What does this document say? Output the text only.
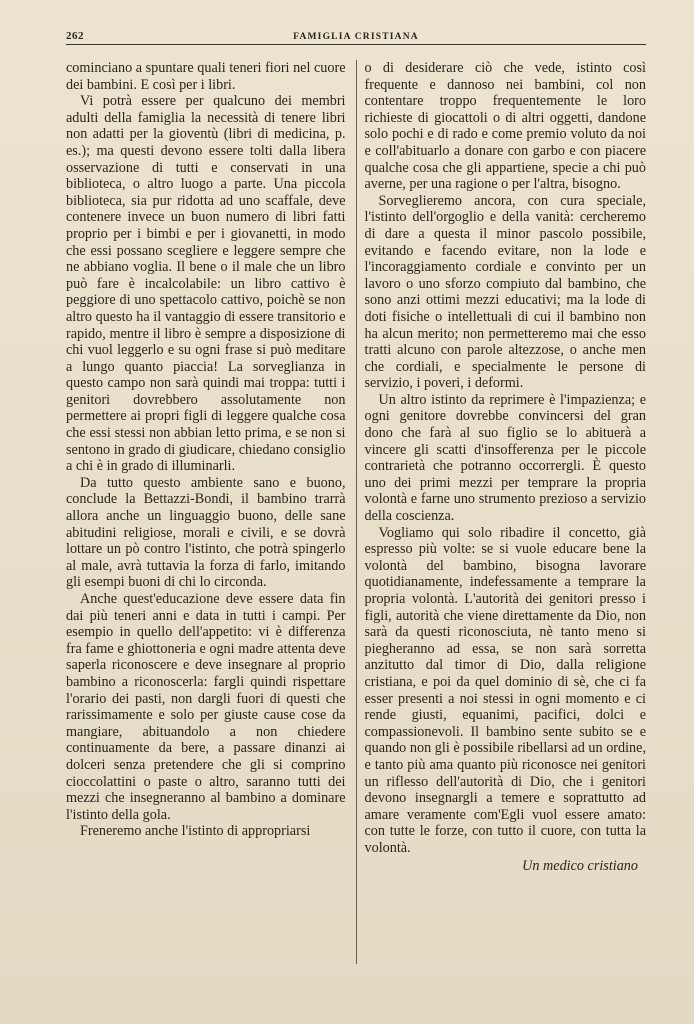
262	FAMIGLIA CRISTIANA

cominciano a spuntare quali teneri fiori nel cuore dei bambini. E così per i libri.

Vi potrà essere per qualcuno dei membri adulti della famiglia la necessità di tenere libri non adatti per la gioventù (libri di medicina, p. es.); ma questi devono essere tolti dalla libera osservazione di tutti e conservati in una biblioteca, o altro luogo a parte. Una piccola biblioteca, sia pur ridotta ad uno scaffale, deve contenere invece un buon numero di libri fatti proprio per i bimbi e per i giovanetti, in modo che essi possano scegliere e leggere sempre che ne abbiano voglia. Il bene o il male che un libro può fare è incalcolabile: un libro cattivo è peggiore di uno spettacolo cattivo, poichè se non altro questo ha il vantaggio di essere transitorio e rapido, mentre il libro è sempre a disposizione di chi vuol leggerlo e su ogni frase si può meditare a lungo quanto piaccia! La sorveglianza in questo campo non sarà quindi mai troppa: tutti i genitori dovrebbero assolutamente non permettere ai propri figli di leggere qualche cosa che essi stessi non abbian letto prima, e se non si sentono in grado di giudicare, chiedano consiglio a chi è in grado di illuminarli.

Da tutto questo ambiente sano e buono, conclude la Bettazzi-Bondi, il bambino trarrà allora anche un linguaggio buono, delle sane abitudini religiose, morali e civili, e se dovrà lottare un pò contro l'istinto, che potrà spingerlo al male, avrà tuttavia la forza di farlo, imitando gli esempi buoni di chi lo circonda.

Anche quest'educazione deve essere data fin dai più teneri anni e data in tutti i campi. Per esempio in quello dell'appetito: vi è differenza fra fame e ghiottoneria e ogni madre attenta deve saperla riconoscere e deve insegnare al proprio bambino a riconoscerla: fargli quindi rispettare l'orario dei pasti, non dargli fuori di questi che rarissimamente e solo per giuste cause cose da mangiare, abituandolo a non chiedere continuamente da bere, a passare dinanzi ai dolceri senza pretendere che gli si comprino cioccolattini o paste o altro, saranno tutti dei mezzi che insegneranno al bambino a dominare l'istinto della gola.

Freneremo anche l'istinto di appropriarsi

o di desiderare ciò che vede, istinto così frequente e dannoso nei bambini, col non contentare troppo frequentemente le loro richieste di giocattoli o di altri oggetti, dandone solo pochi e di rado e come premio voluto da noi e coll'abituarlo a donare con garbo e con piacere qualche cosa che gli appartiene, specie a chi può averne, per una ragione o per l'altra, bisogno.

Sorveglieremo ancora, con cura speciale, l'istinto dell'orgoglio e della vanità: cercheremo di dare a questa il minor pascolo possibile, evitando e facendo evitare, non la lode e l'incoraggiamento cordiale e convinto per un lavoro o uno sforzo compiuto dal bambino, che sono anzi ottimi mezzi educativi; ma la lode di doti fisiche o intellettuali di cui il bambino non ha alcun merito; non permetteremo mai che esso tratti alcuno con parole altezzose, o anche men che cordiali, e specialmente le persone di servizio, i poveri, i deformi.

Un altro istinto da reprimere è l'impazienza; e ogni genitore dovrebbe convincersi del gran dono che farà al suo figlio se lo abituerà a vincere gli scatti d'insofferenza per le piccole contrarietà che potranno occorrergli. È questo uno dei primi mezzi per temprare la propria volontà e farne uno strumento prezioso a servizio della coscienza.

Vogliamo qui solo ribadire il concetto, già espresso più volte: se si vuole educare bene la volontà del bambino, bisogna lavorare quotidianamente, indefessamente a temprare la propria volontà. L'autorità dei genitori presso i figli, autorità che viene direttamente da Dio, non sarà da questi riconosciuta, nè tanto meno si piegheranno ad essa, se non sarà sorretta anzitutto dal timor di Dio, dalla religione cristiana, e poi da quel dominio di sè, che ci fa esser presenti a noi stessi in ogni momento e ci rende giusti, equanimi, pacifici, dolci e compassionevoli. Il bambino sente subito se e quando non gli è possibile ribellarsi ad un ordine, e tanto più ama quanto più riconosce nei genitori un riflesso dell'autorità di Dio, che i genitori devono insegnargli a temere e soprattutto ad amare veramente com'Egli vuol essere amato: con tutte le forze, con tutto il cuore, con tutta la volontà.

Un medico cristiano
